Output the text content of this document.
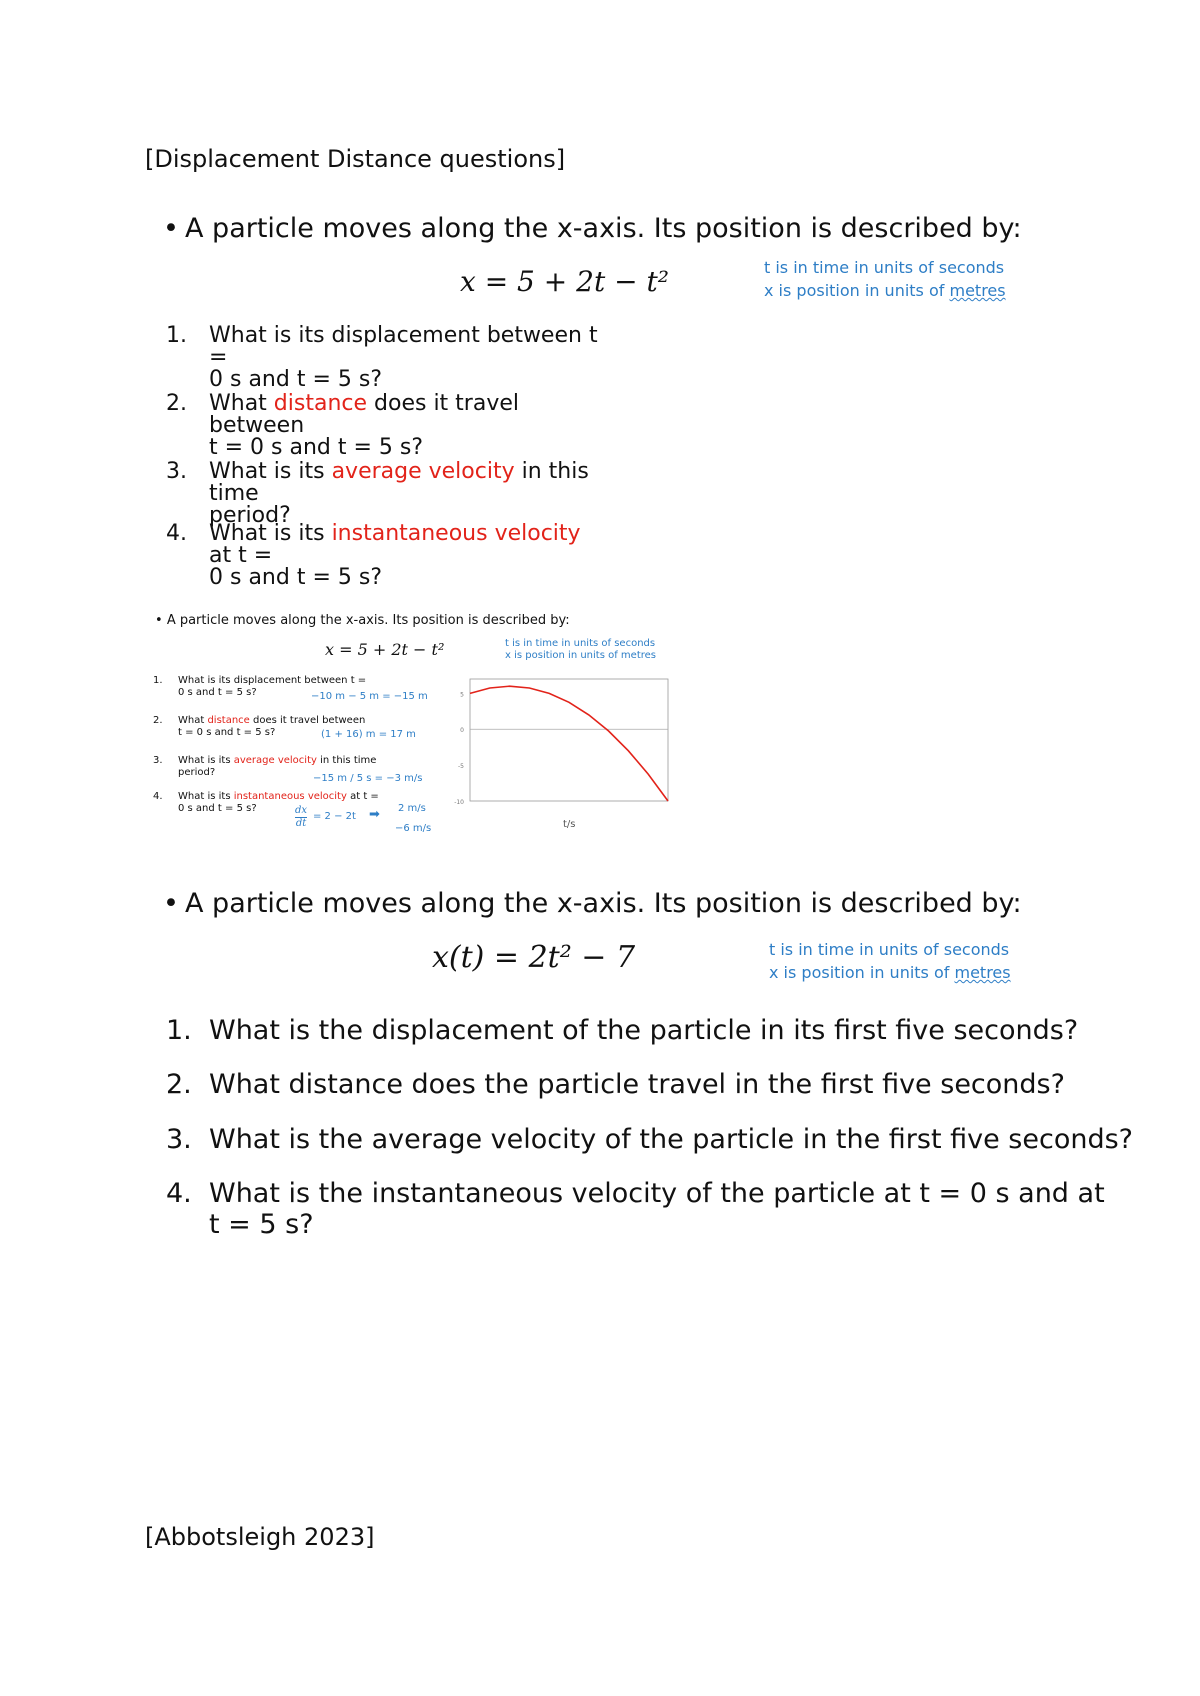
[Displacement Distance questions]
• A particle moves along the x-axis. Its position is described by:
x = 5 + 2t − t²	t is in time in units of seconds
x is position in units of metres
1.	What is its displacement between t =
0 s and t = 5 s?
2.	What distance does it travel between
t = 0 s and t = 5 s?
3.	What is its average velocity in this time
period?
4.	What is its instantaneous velocity at t =
0 s and t = 5 s?
• A particle moves along the x-axis. Its position is described by:
x = 5 + 2t − t²	t is in time in units of seconds
x is position in units of metres
1. What is its displacement between t =
0 s and t = 5 s?	−10 m − 5 m = −15 m
2. What distance does it travel between
t = 0 s and t = 5 s?	(1 + 16) m = 17 m
3. What is its average velocity in this time
period?
−15 m / 5 s = −3 m/s
4. What is its instantaneous velocity at t =
0 s and t = 5 s?	dx
dt
= 2 − 2t ➡ 2 m/s
−6 m/s
5
0
-5
-10
t/s
• A particle moves along the x-axis. Its position is described by:
x(t) = 2t² − 7	t is in time in units of seconds
x is position in units of metres
1. What is the displacement of the particle in its first five seconds?
2. What distance does the particle travel in the first five seconds?
3. What is the average velocity of the particle in the first five seconds?
4. What is the instantaneous velocity of the particle at t = 0 s and at
t = 5 s?
[Abbotsleigh 2023]
